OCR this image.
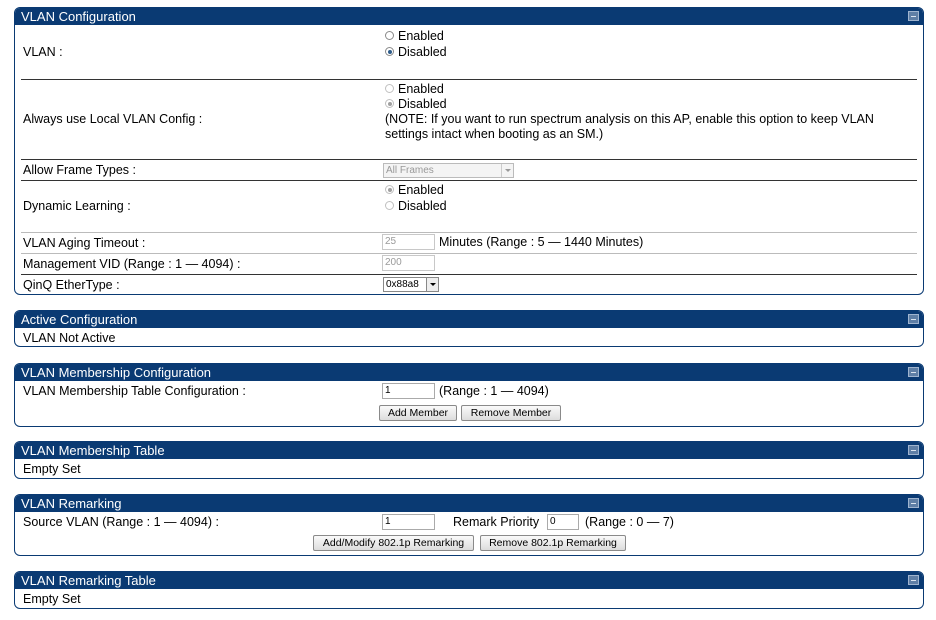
VLAN Configuration
VLAN :
Enabled
Disabled
Always use Local VLAN Config :
Enabled
Disabled
(NOTE: If you want to run spectrum analysis on this AP, enable this option to keep VLAN
settings intact when booting as an SM.)
Allow Frame Types :	All Frames
Dynamic Learning :
Enabled
Disabled
VLAN Aging Timeout :	25	Minutes (Range : 5 — 1440 Minutes)
Management VID (Range : 1 — 4094) :	200
QinQ EtherType :	0x88a8
Active Configuration
VLAN Not Active
VLAN Membership Configuration
VLAN Membership Table Configuration :	1	(Range : 1 — 4094)
Add Member	Remove Member
VLAN Membership Table
Empty Set
VLAN Remarking
Source VLAN (Range : 1 — 4094) :	1	Remark Priority	0	(Range : 0 — 7)
Add/Modify 802.1p Remarking	Remove 802.1p Remarking
VLAN Remarking Table
Empty Set
